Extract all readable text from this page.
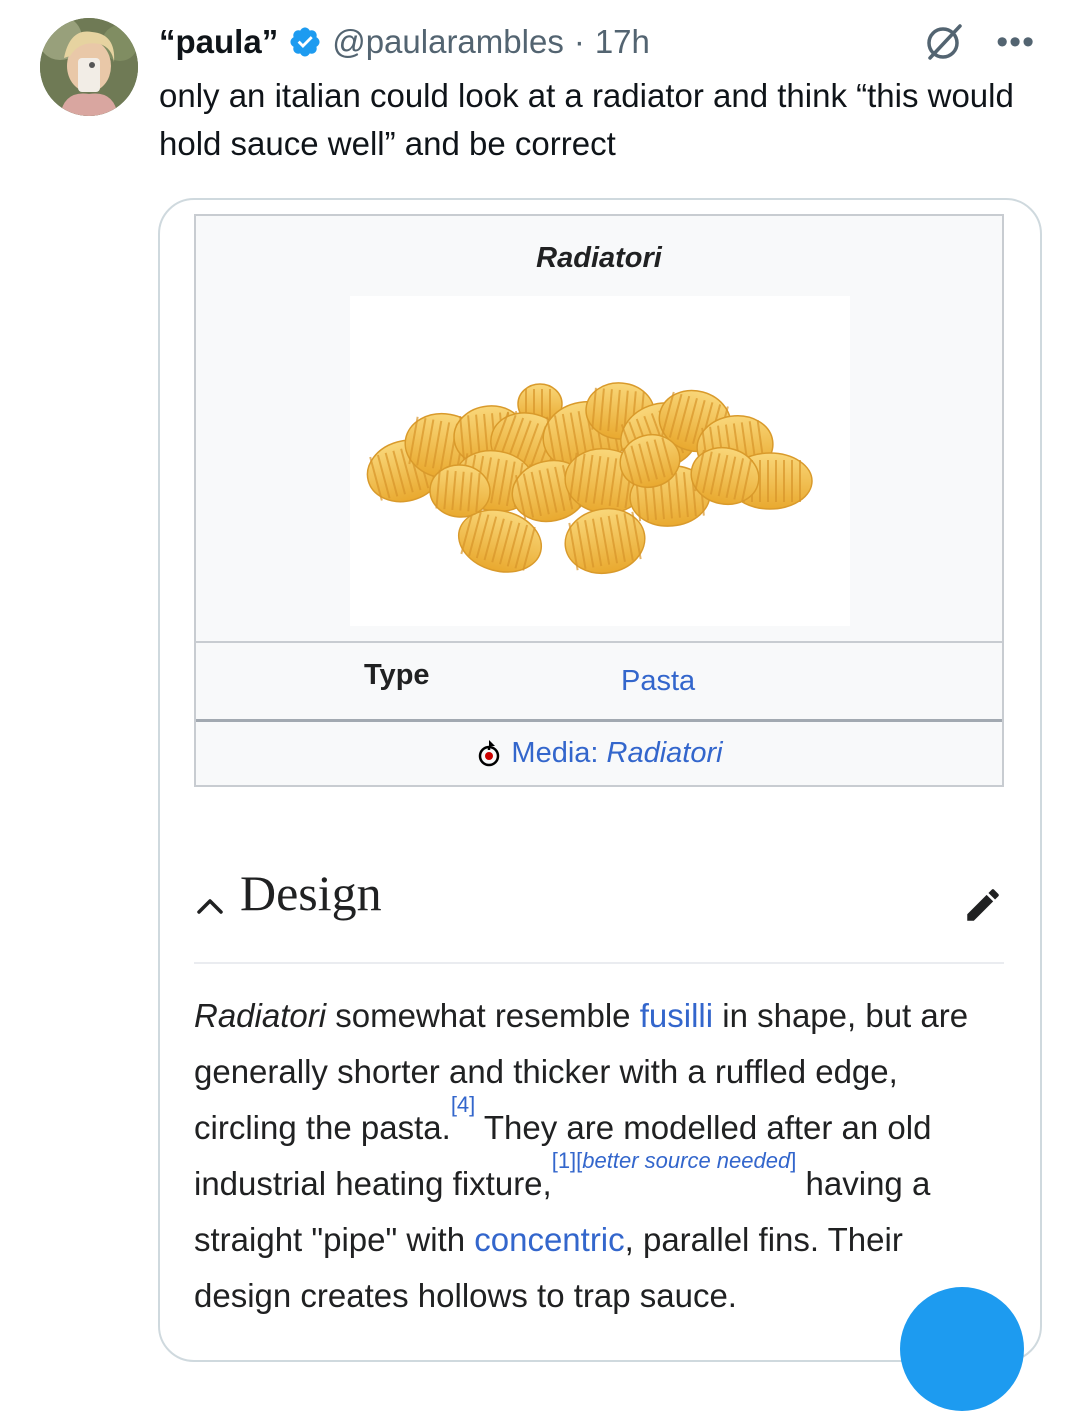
“paula” @paularambles · 17h	•••
only an italian could look at a radiator and think “this would hold sauce well” and be correct
Radiatori
Type	Pasta
Media: Radiatori
Design
Radiatori somewhat resemble fusilli in shape, but are generally shorter and thicker with a ruffled edge, circling the pasta.[4] They are modelled after an old industrial heating fixture,[1][better source needed] having a straight "pipe" with concentric, parallel fins. Their design creates hollows to trap sauce.
